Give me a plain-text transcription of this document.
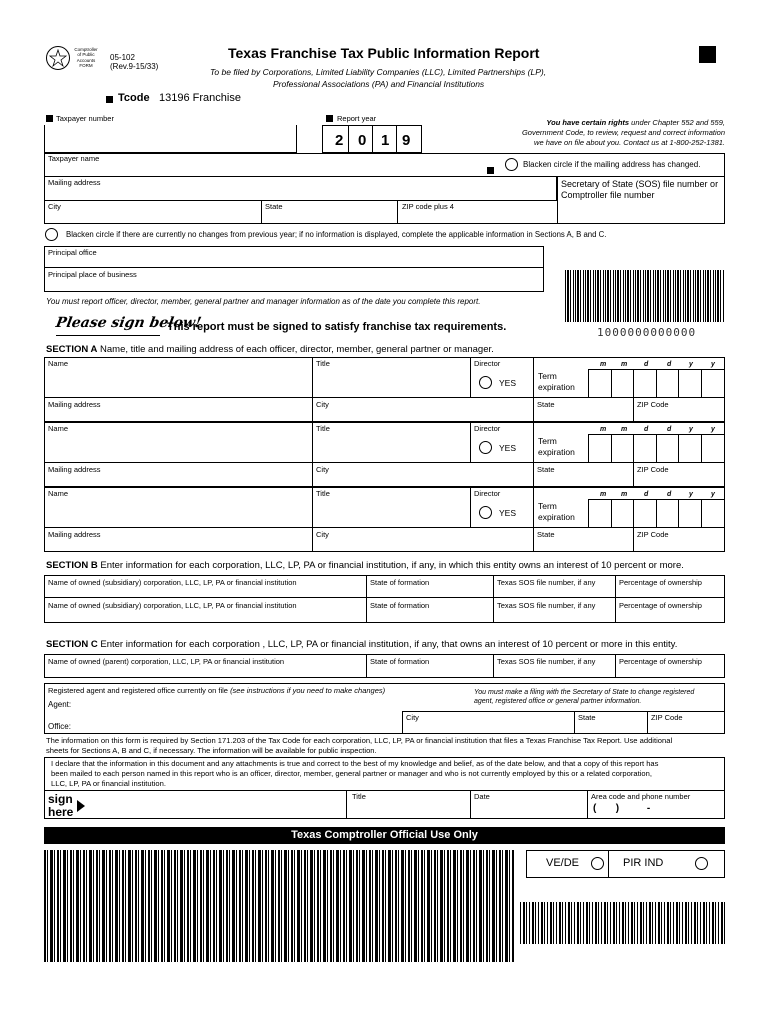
Comptroller of Public Accounts FORM
05-102
(Rev.9-15/33)
Texas Franchise Tax Public Information Report
To be filed by Corporations, Limited Liability Companies (LLC), Limited Partnerships (LP),
Professional Associations (PA) and Financial Institutions
Tcode 13196 Franchise
Taxpayer number	Report year
2 0 1 9
You have certain rights under Chapter 552 and 559,
Government Code, to review, request and correct information
we have on file about you. Contact us at 1-800-252-1381.
Taxpayer name
Blacken circle if the mailing address has changed.
Mailing address	Secretary of State (SOS) file number or
Comptroller file number
City	State	ZIP code plus 4
Blacken circle if there are currently no changes from previous year; if no information is displayed, complete the applicable information in Sections A, B and C.
Principal office
Principal place of business
You must report officer, director, member, general partner and manager information as of the date you complete this report.
1000000000000
Please sign below!
This report must be signed to satisfy franchise tax requirements.
SECTION A Name, title and mailing address of each officer, director, member, general partner or manager.
Name	Title	Director
YES
Term
expiration
m m d	d	y	y
Mailing address	City	State	ZIP Code
Name	Title	Director
YES
Term
expiration
m m d	d	y	y
Mailing address	City	State	ZIP Code
Name	Title	Director
YES
Term
expiration
m m d	d	y	y
Mailing address	City	State	ZIP Code
SECTION B Enter information for each corporation, LLC, LP, PA or financial institution, if any, in which this entity owns an interest of 10 percent or more.
Name of owned (subsidiary) corporation, LLC, LP, PA or financial institution	State of formation	Texas SOS file number, if any	Percentage of ownership
Name of owned (subsidiary) corporation, LLC, LP, PA or financial institution	State of formation	Texas SOS file number, if any	Percentage of ownership
SECTION C Enter information for each corporation , LLC, LP, PA or financial institution, if any, that owns an interest of 10 percent or more in this entity.
Name of owned (parent) corporation, LLC, LP, PA or financial institution	State of formation	Texas SOS file number, if any	Percentage of ownership
Registered agent and registered office currently on file (see instructions if you need to make changes)
Agent:
You must make a filing with the Secretary of State to change registered
agent, registered office or general partner information.
Office:
City	State	ZIP Code
The information on this form is required by Section 171.203 of the Tax Code for each corporation, LLC, LP, PA or financial institution that files a Texas Franchise Tax Report. Use additional
sheets for Sections A, B and C, if necessary. The information will be available for public inspection.
I declare that the information in this document and any attachments is true and correct to the best of my knowledge and belief, as of the date below, and that a copy of this report has
been mailed to each person named in this report who is an officer, director, member, general partner or manager and who is not currently employed by this or a related corporation,
LLC, LP, PA or financial institution.
sign
here
Title	Date	Area code and phone number
(       )          -
Texas Comptroller Official Use Only
VE/DE	PIR IND
